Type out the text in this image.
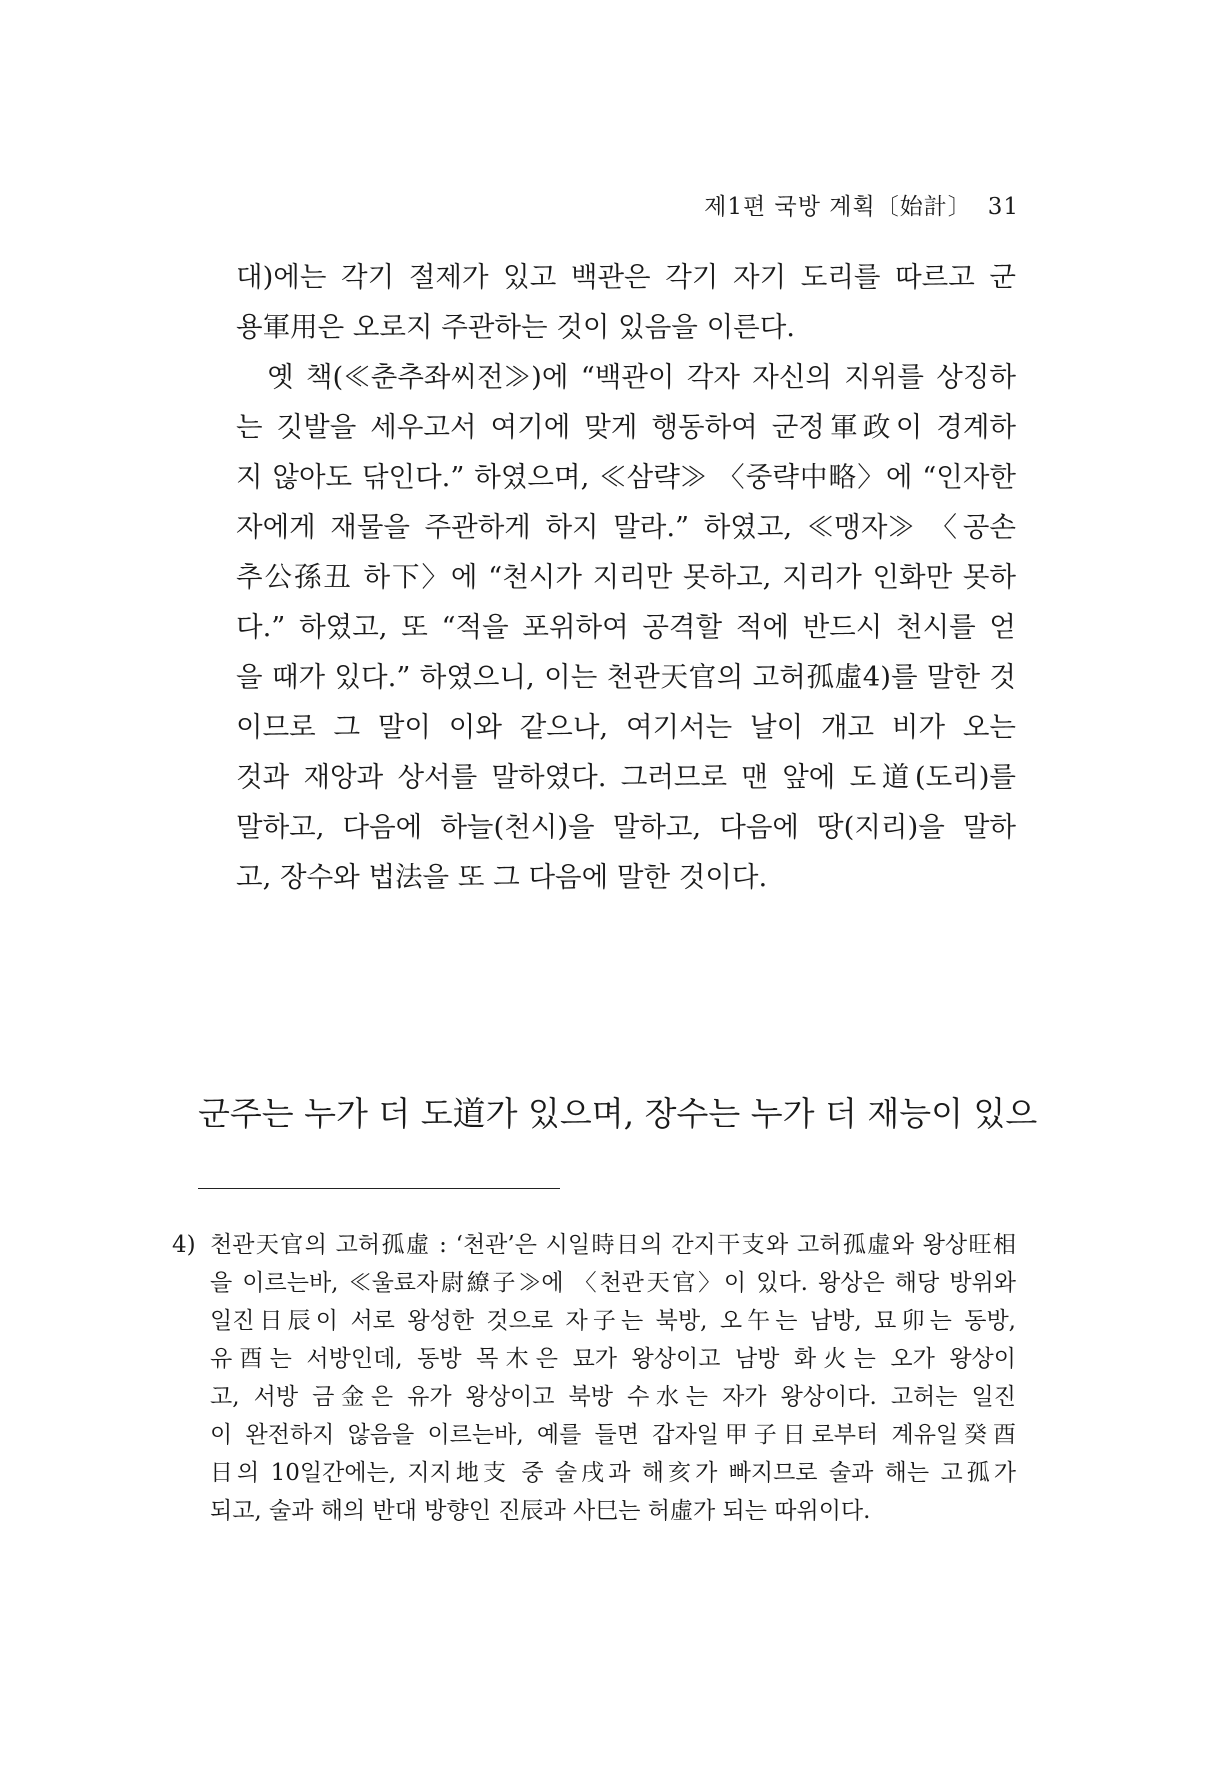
제1편 국방 계획〔始計〕 31
대)에는 각기 절제가 있고 백관은 각기 자기 도리를 따르고 군
용軍用은 오로지 주관하는 것이 있음을 이른다.
　옛 책(≪춘추좌씨전≫)에 “백관이 각자 자신의 지위를 상징하
는 깃발을 세우고서 여기에 맞게 행동하여 군정軍政이 경계하
지 않아도 닦인다.” 하였으며, ≪삼략≫ 〈중략中略〉에 “인자한
자에게 재물을 주관하게 하지 말라.” 하였고, ≪맹자≫ 〈공손
추公孫丑 하下〉에 “천시가 지리만 못하고, 지리가 인화만 못하
다.” 하였고, 또 “적을 포위하여 공격할 적에 반드시 천시를 얻
을 때가 있다.” 하였으니, 이는 천관天官의 고허孤虛4)를 말한 것
이므로 그 말이 이와 같으나, 여기서는 날이 개고 비가 오는
것과 재앙과 상서를 말하였다. 그러므로 맨 앞에 도道(도리)를
말하고, 다음에 하늘(천시)을 말하고, 다음에 땅(지리)을 말하
고, 장수와 법法을 또 그 다음에 말한 것이다.
군주는 누가 더 도道가 있으며, 장수는 누가 더 재능이 있으
4) 천관天官의 고허孤虛 : ‘천관’은 시일時日의 간지干支와 고허孤虛와 왕상旺相
을 이르는바, ≪울료자尉繚子≫에 〈천관天官〉이 있다. 왕상은 해당 방위와
일진日辰이 서로 왕성한 것으로 자子는 북방, 오午는 남방, 묘卯는 동방,
유酉는 서방인데, 동방 목木은 묘가 왕상이고 남방 화火는 오가 왕상이
고, 서방 금金은 유가 왕상이고 북방 수水는 자가 왕상이다. 고허는 일진
이 완전하지 않음을 이르는바, 예를 들면 갑자일甲子日로부터 계유일癸酉
日의 10일간에는, 지지地支 중 술戌과 해亥가 빠지므로 술과 해는 고孤가
되고, 술과 해의 반대 방향인 진辰과 사巳는 허虛가 되는 따위이다.
